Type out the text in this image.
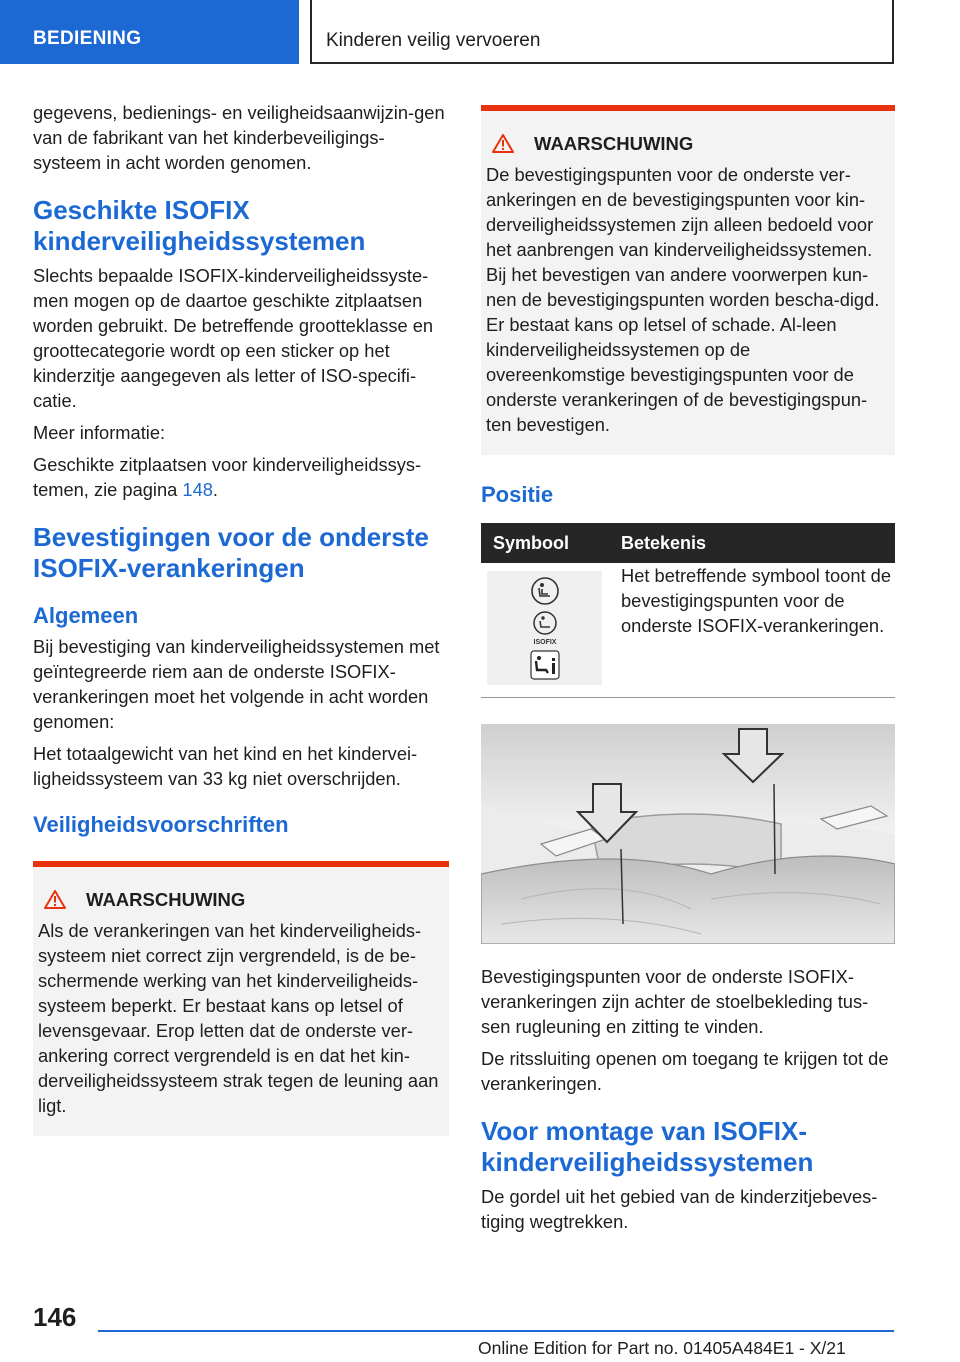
BEDIENING	Kinderen veilig vervoeren

gegevens, bedienings- en veiligheidsaanwijzin-gen van de fabrikant van het kinderbeveiligings-systeem in acht worden genomen.

Geschikte ISOFIX kinderveiligheidssystemen

Slechts bepaalde ISOFIX-kinderveiligheidssyste-men mogen op de daartoe geschikte zitplaatsen worden gebruikt. De betreffende grootteklasse en groottecategorie wordt op een sticker op het kinderzitje aangegeven als letter of ISO-specifi-catie.

Meer informatie:

Geschikte zitplaatsen voor kinderveiligheidssys-temen, zie pagina 148.

Bevestigingen voor de onderste ISOFIX-verankeringen
Algemeen

Bij bevestiging van kinderveiligheidssystemen met geïntegreerde riem aan de onderste ISOFIX-verankeringen moet het volgende in acht worden genomen:

Het totaalgewicht van het kind en het kindervei-ligheidssysteem van 33 kg niet overschrijden.

Veiligheidsvoorschriften
WAARSCHUWING

Als de verankeringen van het kinderveiligheids-systeem niet correct zijn vergrendeld, is de be-schermende werking van het kinderveiligheids-systeem beperkt. Er bestaat kans op letsel of levensgevaar. Erop letten dat de onderste ver-ankering correct vergrendeld is en dat het kin-derveiligheidssysteem strak tegen de leuning aan ligt.

WAARSCHUWING

De bevestigingspunten voor de onderste ver-ankeringen en de bevestigingspunten voor kin-derveiligheidssystemen zijn alleen bedoeld voor het aanbrengen van kinderveiligheidssystemen. Bij het bevestigen van andere voorwerpen kun-nen de bevestigingspunten worden bescha-digd. Er bestaat kans op letsel of schade. Al-leen kinderveiligheidssystemen op de overeenkomstige bevestigingspunten voor de onderste verankeringen of de bevestigingspun-ten bevestigen.

Positie
Symbool	Betekenis

ISOFIX	Het betreffende symbool toont de bevestigingspunten voor de onderste ISOFIX-verankeringen.

Bevestigingspunten voor de onderste ISOFIX-verankeringen zijn achter de stoelbekleding tus-sen rugleuning en zitting te vinden.

De ritssluiting openen om toegang te krijgen tot de verankeringen.

Voor montage van ISOFIX-kinderveiligheidssystemen

De gordel uit het gebied van de kinderzitjebeves-tiging wegtrekken.

146
Online Edition for Part no. 01405A484E1 - X/21
